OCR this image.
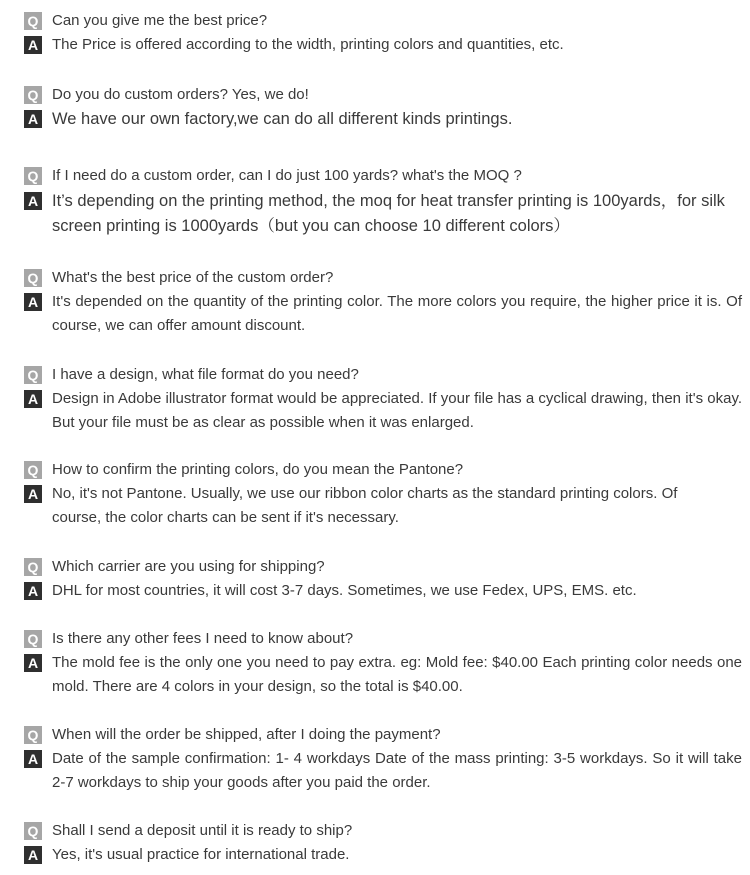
Q Can you give me the best price?
A The Price is offered according to the width, printing colors and quantities, etc.
Q Do you do custom orders? Yes, we do!
A We have our own factory,we can do all different kinds printings.
Q If I need do a custom order, can I do just 100 yards? what's the MOQ ?
A It’s depending on the printing method, the moq for heat transfer printing is 100yards，for silk screen printing is 1000yards（but you can choose 10 different colors）
Q What's the best price of the custom order?
A It's depended on the quantity of the printing color. The more colors you require, the higher price it is. Of course, we can offer amount discount.
Q I have a design, what file format do you need?
A Design in Adobe illustrator format would be appreciated. If your file has a cyclical drawing, then it's okay. But your file must be as clear as possible when it was enlarged.
Q How to confirm the printing colors, do you mean the Pantone?
A No, it's not Pantone. Usually, we use our ribbon color charts as the standard printing colors. Of course, the color charts can be sent if it's necessary.
Q Which carrier are you using for shipping?
A DHL for most countries, it will cost 3-7 days. Sometimes, we use Fedex, UPS, EMS. etc.
Q Is there any other fees I need to know about?
A The mold fee is the only one you need to pay extra. eg: Mold fee: $40.00 Each printing color needs one mold. There are 4 colors in your design, so the total is $40.00.
Q When will the order be shipped, after I doing the payment?
A Date of the sample confirmation: 1- 4 workdays Date of the mass printing: 3-5 workdays. So it will take 2-7 workdays to ship your goods after you paid the order.
Q Shall I send a deposit until it is ready to ship?
A Yes, it's usual practice for international trade.
